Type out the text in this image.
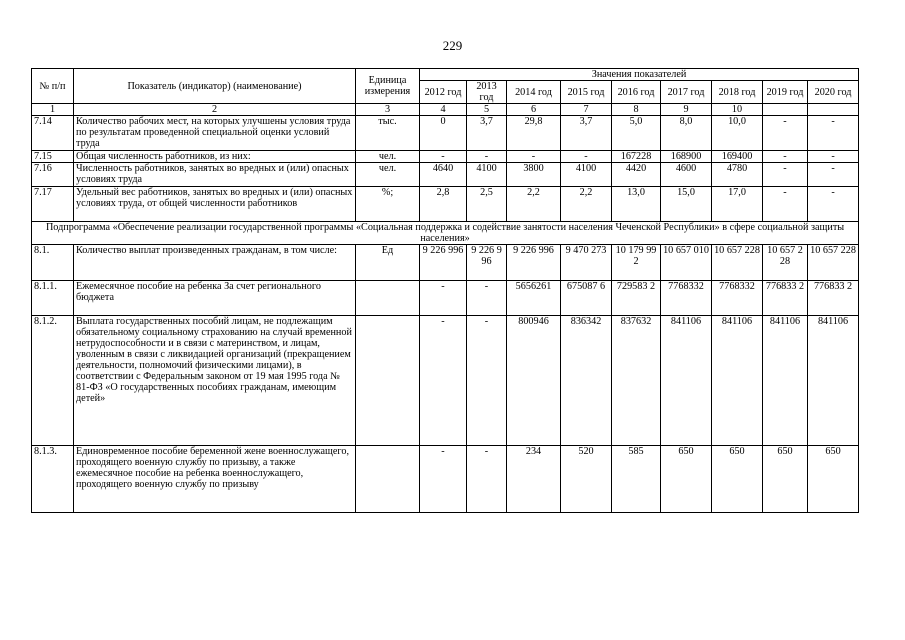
229
№ п/п	Показатель (индикатор) (наименование)	Единица измерения	Значения показателей								
			2012 год	2013 год	2014 год	2015 год	2016 год	2017 год	2018 год	2019 год	2020 год
1	2	3	4	5	6	7	8	9	10		
7.14	Количество рабочих мест, на которых улучшены условия труда по результатам проведенной специальной оценки условий труда	тыс.	0	3,7	29,8	3,7	5,0	8,0	10,0	-	-
7.15	Общая численность работников, из них:	чел.	-	-	-	-	167228	168900	169400	-	-
7.16	Численность работников, занятых во вредных и (или) опасных условиях труда	чел.	4640	4100	3800	4100	4420	4600	4780	-	-
7.17	Удельный вес работников, занятых во вредных и (или) опасных условиях труда, от общей численности работников	%;	2,8	2,5	2,2	2,2	13,0	15,0	17,0	-	-
Подпрограмма «Обеспечение реализации государственной программы «Социальная поддержка и содействие занятости населения Чеченской Республики» в сфере социальной защиты населения»											
8.1.	Количество выплат произведенных гражданам, в том числе:	Ед	9 226 996	9 226 996	9 226 996	9 470 273	10 179 992	10 657 010	10 657 228	10 657 228	10 657 228
8.1.1.	Ежемесячное пособие на ребенка За счет регионального бюджета		-	-	5656261	675087 6	729583 2	7768332	7768332	776833 2	776833 2
8.1.2.	Выплата государственных пособий лицам, не подлежащим обязательному социальному страхованию на случай временной нетрудоспособности и в связи с материнством, и лицам, уволенным в связи с ликвидацией организаций (прекращением деятельности, полномочий физическими лицами), в соответствии с Федеральным законом от 19 мая 1995 года № 81-ФЗ «О государственных пособиях гражданам, имеющим детей»		-	-	800946	836342	837632	841106	841106	841106	841106
8.1.3.	Единовременное пособие беременной жене военнослужащего, проходящего военную службу по призыву, а также ежемесячное пособие на ребенка военнослужащего, проходящего военную службу по призыву		-	-	234	520	585	650	650	650	650
